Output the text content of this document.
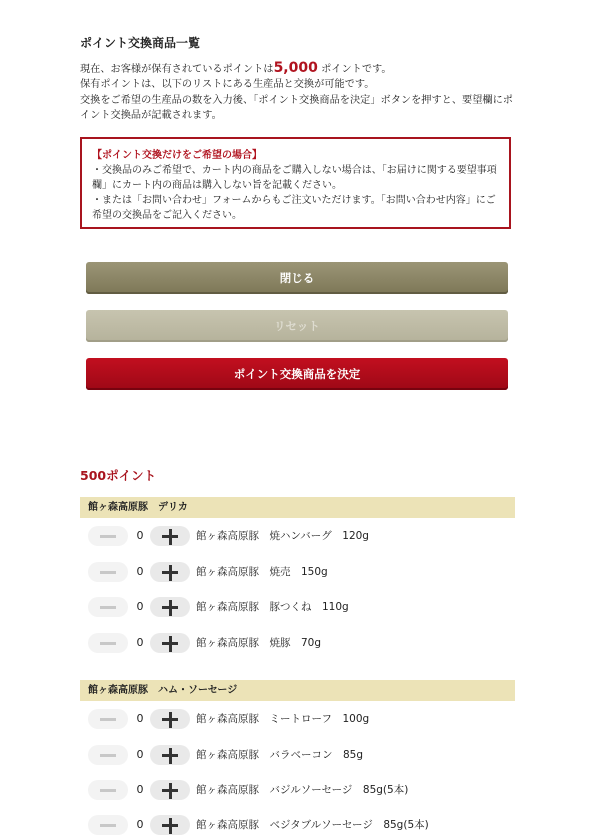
ポイント交換商品一覧
現在、お客様が保有されているポイントは5,000 ポイントです。
保有ポイントは、以下のリストにある生産品と交換が可能です。
交換をご希望の生産品の数を入力後、「ポイント交換商品を決定」ボタンを押すと、要望欄にポイント交換品が記載されます。
【ポイント交換だけをご希望の場合】
・交換品のみご希望で、カート内の商品をご購入しない場合は、「お届けに関する要望事項欄」にカート内の商品は購入しない旨を記載ください。
・または「お問い合わせ」フォームからもご注文いただけます。「お問い合わせ内容」にご希望の交換品をご記入ください。
閉じる
リセット
ポイント交換商品を決定
500ポイント
館ヶ森高原豚　デリカ
0	館ヶ森高原豚　焼ハンバーグ　120g
0	館ヶ森高原豚　焼売　150g
0	館ヶ森高原豚　豚つくね　110g
0	館ヶ森高原豚　焼豚　70g
館ヶ森高原豚　ハム・ソーセージ
0	館ヶ森高原豚　ミートローフ　100g
0	館ヶ森高原豚　バラベーコン　85g
0	館ヶ森高原豚　バジルソーセージ　85g(5本)
0	館ヶ森高原豚　ベジタブルソーセージ　85g(5本)
